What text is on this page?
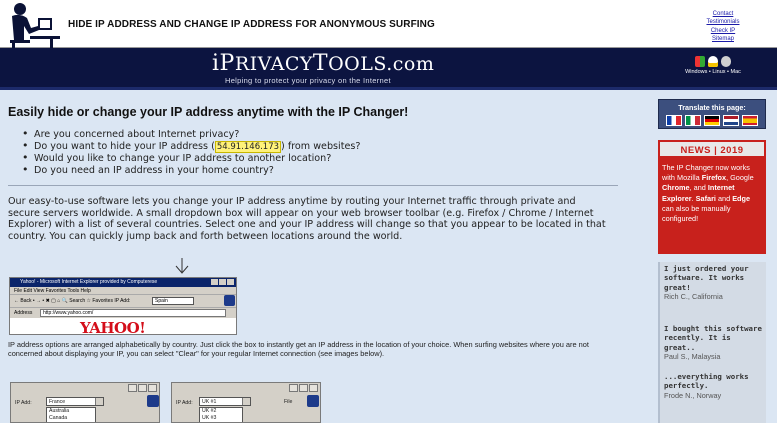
HIDE IP ADDRESS AND CHANGE IP ADDRESS FOR ANONYMOUS SURFING
Contact
Testimonials
Check IP
Sitemap
iPRIVACYTOOLS.com
Helping to protect your privacy on the Internet
Windows • Linux • Mac
Easily hide or change your IP address anytime with the IP Changer!
• Are you concerned about Internet privacy?
• Do you want to hide your IP address ( 54.91.146.173 ) from websites?
• Would you like to change your IP address to another location?
• Do you need an IP address in your home country?

Our easy-to-use software lets you change your IP address anytime by routing your Internet traffic through private and secure servers worldwide. A small dropdown box will appear on your web browser toolbar (e.g. Firefox / Chrome / Internet Explorer) with a list of several countries. Select one and your IP address will change so that you appear to be located in that country. You can quickly jump back and forth between locations around the world.

Yahoo! - Microsoft Internet Explorer provided by Computerese
File Edit View Favorites Tools Help
← Back • → • ✖ ▢ ⌂ 🔍 Search ☆ Favorites IP Add:	Spain
Address	http://www.yahoo.com/
YAHOO!

IP address options are arranged alphabetically by country. Just click the box to instantly get an IP address in the location of your choice. When surfing websites where you are not concerned about displaying your IP, you can select "Clear" for your regular Internet connection (see images below).

IP Add:	France
Australia
Canada
IP Add:	UK #1
UK #2
UK #3
File
Translate this page:
NEWS | 2019
The IP Changer now works with Mozilla Firefox, Google Chrome, and Internet Explorer. Safari and Edge can also be manually configured!
I just ordered your software. It works great!
Rich C., California
I bought this software recently. It is great..
Paul S., Malaysia
...everything works perfectly.
Frode N., Norway
